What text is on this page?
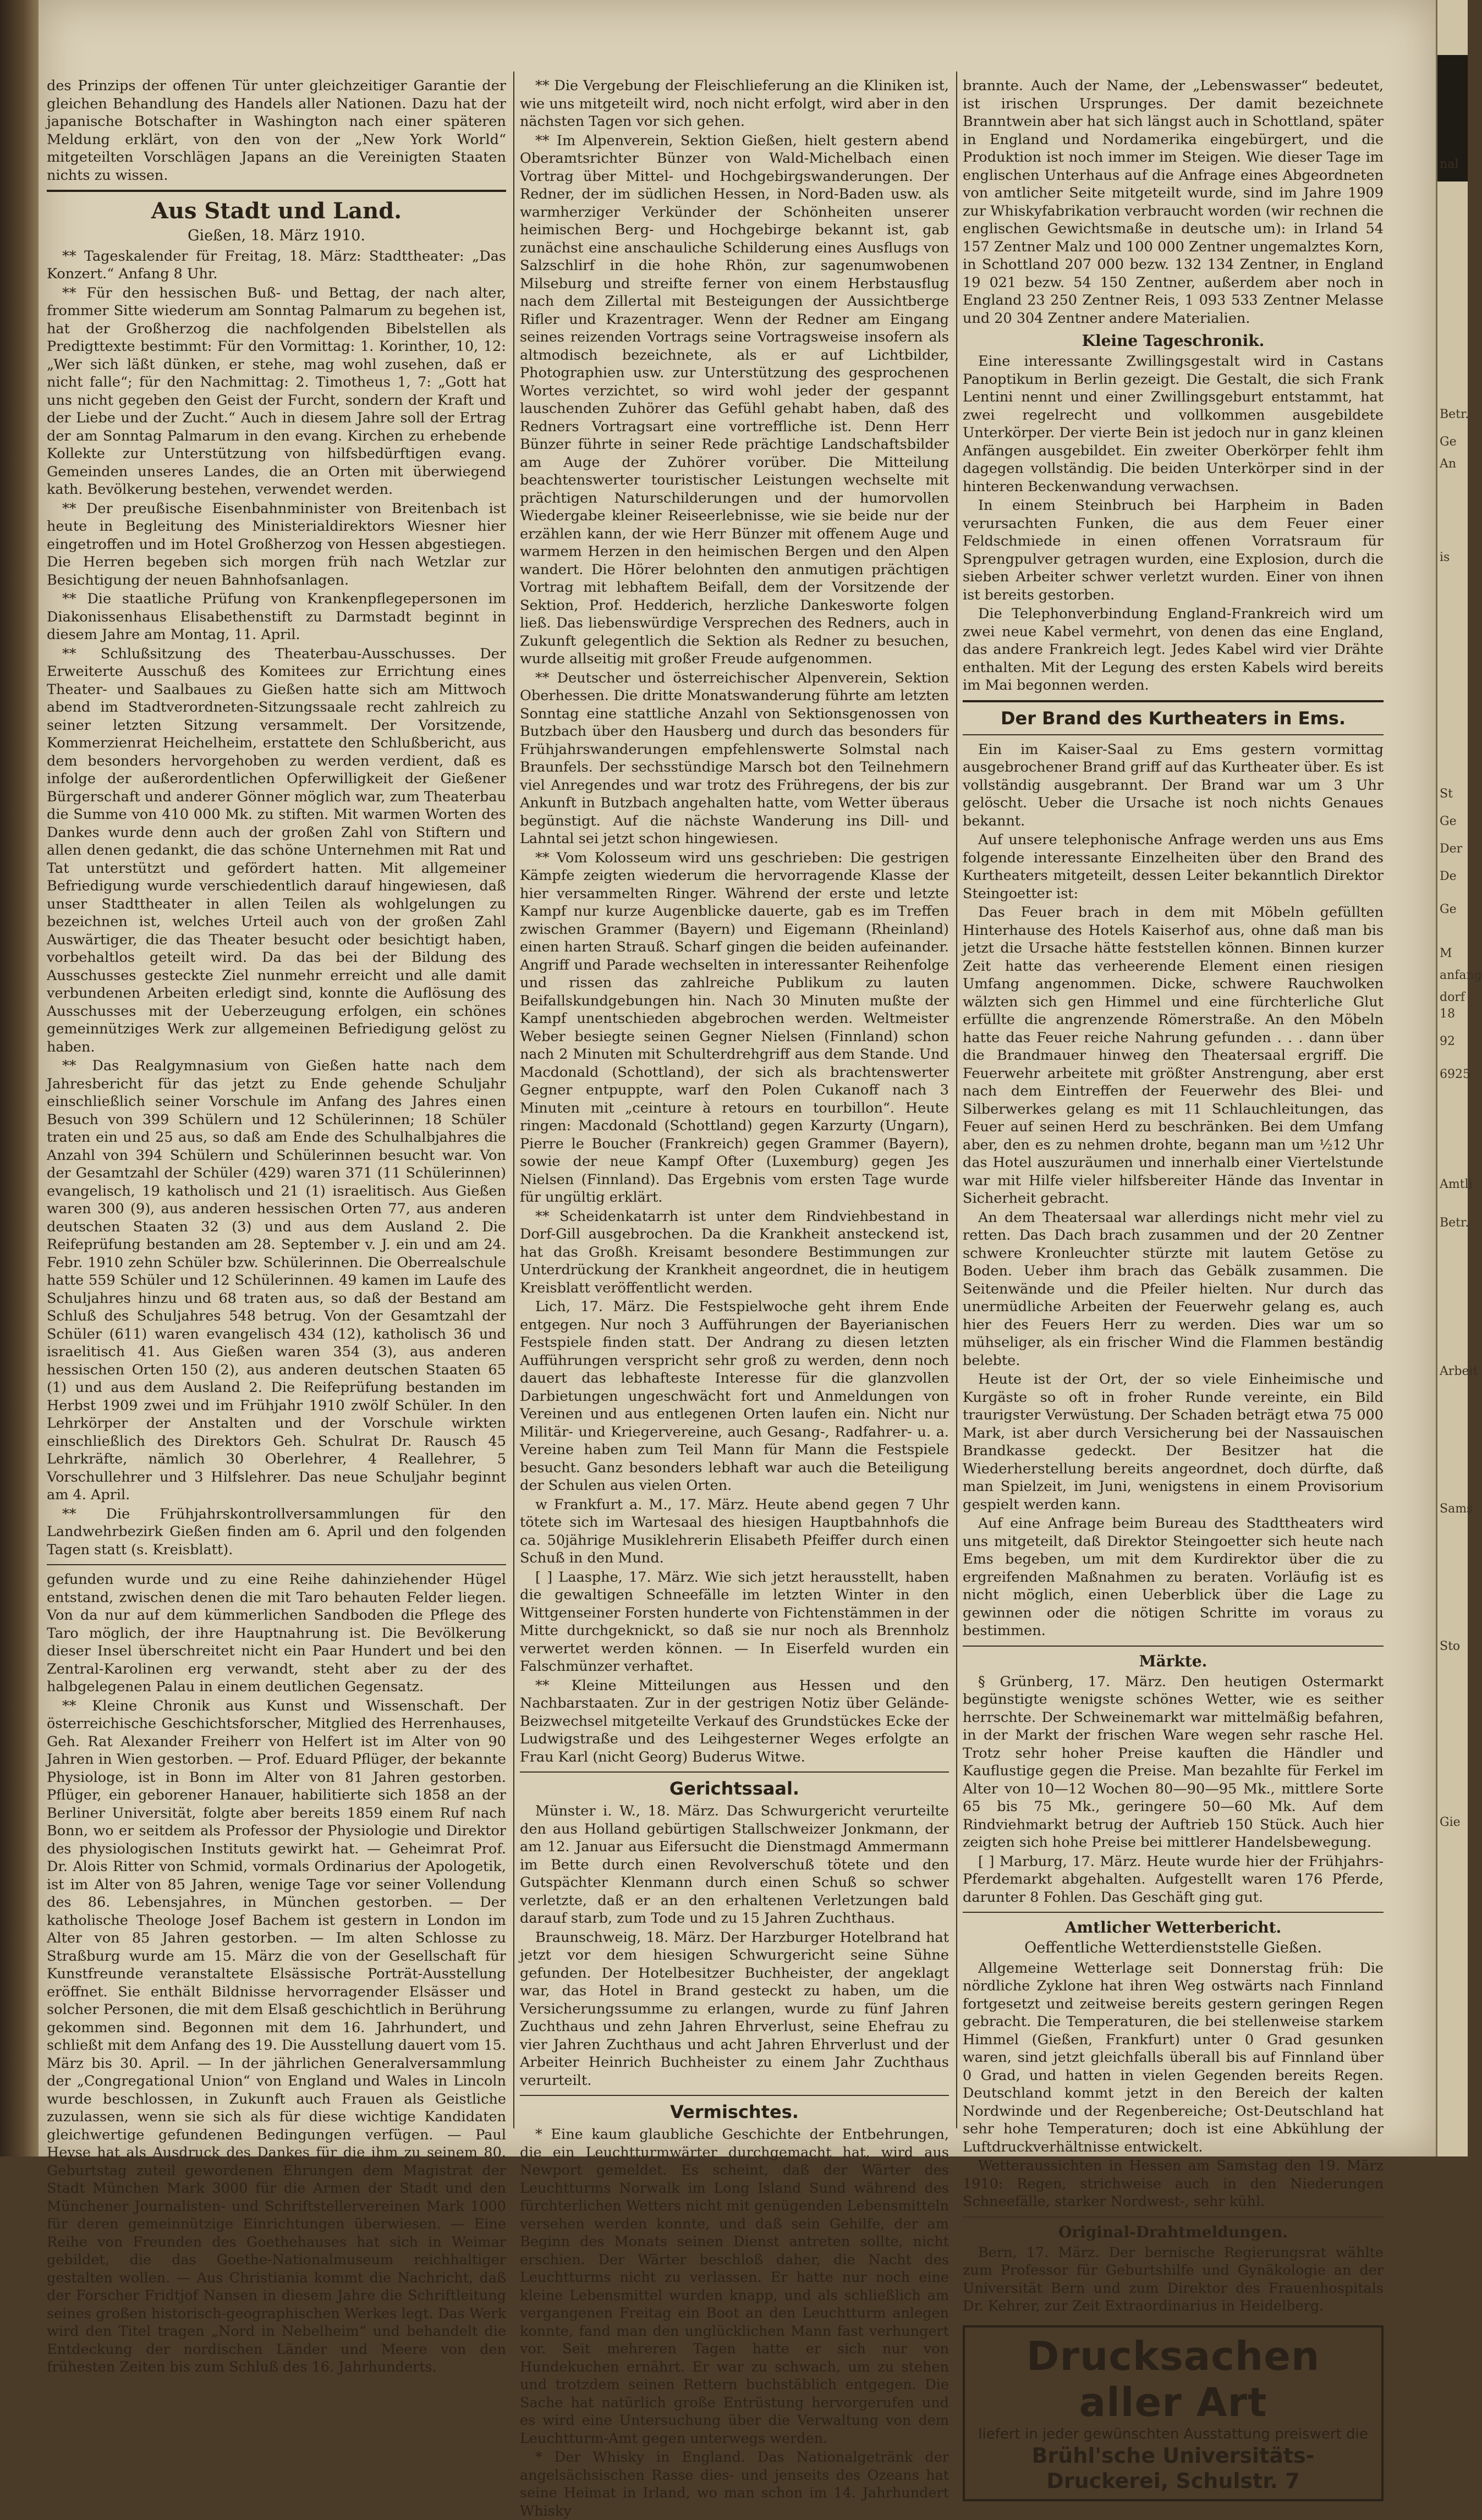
des Prinzips der offenen Tür unter gleichzeitiger Garantie der gleichen Behandlung des Handels aller Nationen. Dazu hat der japanische Botschafter in Washington nach einer späteren Meldung erklärt, von den von der „New York World“ mitgeteilten Vorschlägen Japans an die Vereinigten Staaten nichts zu wissen.

Aus Stadt und Land.
Gießen, 18. März 1910.

** Tageskalender für Freitag, 18. März: Stadttheater: „Das Konzert.“ Anfang 8 Uhr.

** Für den hessischen Buß- und Bettag, der nach alter, frommer Sitte wiederum am Sonntag Palmarum zu begehen ist, hat der Großherzog die nachfolgenden Bibelstellen als Predigttexte bestimmt: Für den Vormittag: 1. Korinther, 10, 12: „Wer sich läßt dünken, er stehe, mag wohl zusehen, daß er nicht falle“; für den Nachmittag: 2. Timotheus 1, 7: „Gott hat uns nicht gegeben den Geist der Furcht, sondern der Kraft und der Liebe und der Zucht.“ Auch in diesem Jahre soll der Ertrag der am Sonntag Palmarum in den evang. Kirchen zu erhebende Kollekte zur Unterstützung von hilfsbedürftigen evang. Gemeinden unseres Landes, die an Orten mit überwiegend kath. Bevölkerung bestehen, verwendet werden.

** Der preußische Eisenbahnminister von Breitenbach ist heute in Begleitung des Ministerialdirektors Wiesner hier eingetroffen und im Hotel Großherzog von Hessen abgestiegen. Die Herren begeben sich morgen früh nach Wetzlar zur Besichtigung der neuen Bahnhofsanlagen.

** Die staatliche Prüfung von Krankenpflegepersonen im Diakonissenhaus Elisabethenstift zu Darmstadt beginnt in diesem Jahre am Montag, 11. April.

** Schlußsitzung des Theaterbau-Ausschusses. Der Erweiterte Ausschuß des Komitees zur Errichtung eines Theater- und Saalbaues zu Gießen hatte sich am Mittwoch abend im Stadtverordneten-Sitzungssaale recht zahlreich zu seiner letzten Sitzung versammelt. Der Vorsitzende, Kommerzienrat Heichelheim, erstattete den Schlußbericht, aus dem besonders hervorgehoben zu werden verdient, daß es infolge der außerordentlichen Opferwilligkeit der Gießener Bürgerschaft und anderer Gönner möglich war, zum Theaterbau die Summe von 410 000 Mk. zu stiften. Mit warmen Worten des Dankes wurde denn auch der großen Zahl von Stiftern und allen denen gedankt, die das schöne Unternehmen mit Rat und Tat unterstützt und gefördert hatten. Mit allgemeiner Befriedigung wurde verschiedentlich darauf hingewiesen, daß unser Stadttheater in allen Teilen als wohlgelungen zu bezeichnen ist, welches Urteil auch von der großen Zahl Auswärtiger, die das Theater besucht oder besichtigt haben, vorbehaltlos geteilt wird. Da das bei der Bildung des Ausschusses gesteckte Ziel nunmehr erreicht und alle damit verbundenen Arbeiten erledigt sind, konnte die Auflösung des Ausschusses mit der Ueberzeugung erfolgen, ein schönes gemeinnütziges Werk zur allgemeinen Befriedigung gelöst zu haben.

** Das Realgymnasium von Gießen hatte nach dem Jahresbericht für das jetzt zu Ende gehende Schuljahr einschließlich seiner Vorschule im Anfang des Jahres einen Besuch von 399 Schülern und 12 Schülerinnen; 18 Schüler traten ein und 25 aus, so daß am Ende des Schulhalbjahres die Anzahl von 394 Schülern und Schülerinnen besucht war. Von der Gesamtzahl der Schüler (429) waren 371 (11 Schülerinnen) evangelisch, 19 katholisch und 21 (1) israelitisch. Aus Gießen waren 300 (9), aus anderen hessischen Orten 77, aus anderen deutschen Staaten 32 (3) und aus dem Ausland 2. Die Reifeprüfung bestanden am 28. September v. J. ein und am 24. Febr. 1910 zehn Schüler bzw. Schülerinnen. Die Oberrealschule hatte 559 Schüler und 12 Schülerinnen. 49 kamen im Laufe des Schuljahres hinzu und 68 traten aus, so daß der Bestand am Schluß des Schuljahres 548 betrug. Von der Gesamtzahl der Schüler (611) waren evangelisch 434 (12), katholisch 36 und israelitisch 41. Aus Gießen waren 354 (3), aus anderen hessischen Orten 150 (2), aus anderen deutschen Staaten 65 (1) und aus dem Ausland 2. Die Reifeprüfung bestanden im Herbst 1909 zwei und im Frühjahr 1910 zwölf Schüler. In den Lehrkörper der Anstalten und der Vorschule wirkten einschließlich des Direktors Geh. Schulrat Dr. Rausch 45 Lehrkräfte, nämlich 30 Oberlehrer, 4 Reallehrer, 5 Vorschullehrer und 3 Hilfslehrer. Das neue Schuljahr beginnt am 4. April.

** Die Frühjahrskontrollversammlungen für den Landwehrbezirk Gießen finden am 6. April und den folgenden Tagen statt (s. Kreisblatt).

gefunden wurde und zu eine Reihe dahinziehender Hügel entstand, zwischen denen die mit Taro behauten Felder liegen. Von da nur auf dem kümmerlichen Sandboden die Pflege des Taro möglich, der ihre Hauptnahrung ist. Die Bevölkerung dieser Insel überschreitet nicht ein Paar Hundert und bei den Zentral-Karolinen erg verwandt, steht aber zu der des halbgelegenen Palau in einem deutlichen Gegensatz.

** Kleine Chronik aus Kunst und Wissenschaft. Der österreichische Geschichtsforscher, Mitglied des Herrenhauses, Geh. Rat Alexander Freiherr von Helfert ist im Alter von 90 Jahren in Wien gestorben. — Prof. Eduard Pflüger, der bekannte Physiologe, ist in Bonn im Alter von 81 Jahren gestorben. Pflüger, ein geborener Hanauer, habilitierte sich 1858 an der Berliner Universität, folgte aber bereits 1859 einem Ruf nach Bonn, wo er seitdem als Professor der Physiologie und Direktor des physiologischen Instituts gewirkt hat. — Geheimrat Prof. Dr. Alois Ritter von Schmid, vormals Ordinarius der Apologetik, ist im Alter von 85 Jahren, wenige Tage vor seiner Vollendung des 86. Lebensjahres, in München gestorben. — Der katholische Theologe Josef Bachem ist gestern in London im Alter von 85 Jahren gestorben. — Im alten Schlosse zu Straßburg wurde am 15. März die von der Gesellschaft für Kunstfreunde veranstaltete Elsässische Porträt-Ausstellung eröffnet. Sie enthält Bildnisse hervorragender Elsässer und solcher Personen, die mit dem Elsaß geschichtlich in Berührung gekommen sind. Begonnen mit dem 16. Jahrhundert, und schließt mit dem Anfang des 19. Die Ausstellung dauert vom 15. März bis 30. April. — In der jährlichen Generalversammlung der „Congregational Union“ von England und Wales in Lincoln wurde beschlossen, in Zukunft auch Frauen als Geistliche zuzulassen, wenn sie sich als für diese wichtige Kandidaten gleichwertige gefundenen Bedingungen verfügen. — Paul Heyse hat als Ausdruck des Dankes für die ihm zu seinem 80. Geburtstag zuteil gewordenen Ehrungen dem Magistrat der Stadt München Mark 3000 für die Armen der Stadt und den Münchener Journalisten- und Schriftstellervereinen Mark 1000 für deren gemeinnützige Einrichtungen überwiesen. — Eine Reihe von Freunden des Goethehauses hat sich in Weimar gebildet, die das Goethe-Nationalmuseum reichhaltiger gestalten wollen. — Aus Christiania kommt die Nachricht, daß der Forscher Fridtjof Nansen in diesem Jahre die Schriftleitung seines großen historisch-geographischen Werkes legt. Das Werk wird den Titel tragen „Nord in Nebelheim“ und behandelt die Entdeckung der nordischen Länder und Meere von den frühesten Zeiten bis zum Schluß des 16. Jahrhunderts.

** Die Vergebung der Fleischlieferung an die Kliniken ist, wie uns mitgeteilt wird, noch nicht erfolgt, wird aber in den nächsten Tagen vor sich gehen.

** Im Alpenverein, Sektion Gießen, hielt gestern abend Oberamtsrichter Bünzer von Wald-Michelbach einen Vortrag über Mittel- und Hochgebirgswanderungen. Der Redner, der im südlichen Hessen, in Nord-Baden usw. als warmherziger Verkünder der Schönheiten unserer heimischen Berg- und Hochgebirge bekannt ist, gab zunächst eine anschauliche Schilderung eines Ausflugs von Salzschlirf in die hohe Rhön, zur sagenumwobenen Milseburg und streifte ferner von einem Herbstausflug nach dem Zillertal mit Besteigungen der Aussichtberge Rifler und Krazentrager. Wenn der Redner am Eingang seines reizenden Vortrags seine Vortragsweise insofern als altmodisch bezeichnete, als er auf Lichtbilder, Photographien usw. zur Unterstützung des gesprochenen Wortes verzichtet, so wird wohl jeder der gespannt lauschenden Zuhörer das Gefühl gehabt haben, daß des Redners Vortragsart eine vortreffliche ist. Denn Herr Bünzer führte in seiner Rede prächtige Landschaftsbilder am Auge der Zuhörer vorüber. Die Mitteilung beachtenswerter touristischer Leistungen wechselte mit prächtigen Naturschilderungen und der humorvollen Wiedergabe kleiner Reiseerlebnisse, wie sie beide nur der erzählen kann, der wie Herr Bünzer mit offenem Auge und warmem Herzen in den heimischen Bergen und den Alpen wandert. Die Hörer belohnten den anmutigen prächtigen Vortrag mit lebhaftem Beifall, dem der Vorsitzende der Sektion, Prof. Hedderich, herzliche Dankesworte folgen ließ. Das liebenswürdige Versprechen des Redners, auch in Zukunft gelegentlich die Sektion als Redner zu besuchen, wurde allseitig mit großer Freude aufgenommen.

** Deutscher und österreichischer Alpenverein, Sektion Oberhessen. Die dritte Monatswanderung führte am letzten Sonntag eine stattliche Anzahl von Sektionsgenossen von Butzbach über den Hausberg und durch das besonders für Frühjahrswanderungen empfehlenswerte Solmstal nach Braunfels. Der sechsstündige Marsch bot den Teilnehmern viel Anregendes und war trotz des Frühregens, der bis zur Ankunft in Butzbach angehalten hatte, vom Wetter überaus begünstigt. Auf die nächste Wanderung ins Dill- und Lahntal sei jetzt schon hingewiesen.

** Vom Kolosseum wird uns geschrieben: Die gestrigen Kämpfe zeigten wiederum die hervorragende Klasse der hier versammelten Ringer. Während der erste und letzte Kampf nur kurze Augenblicke dauerte, gab es im Treffen zwischen Grammer (Bayern) und Eigemann (Rheinland) einen harten Strauß. Scharf gingen die beiden aufeinander. Angriff und Parade wechselten in interessanter Reihenfolge und rissen das zahlreiche Publikum zu lauten Beifallskundgebungen hin. Nach 30 Minuten mußte der Kampf unentschieden abgebrochen werden. Weltmeister Weber besiegte seinen Gegner Nielsen (Finnland) schon nach 2 Minuten mit Schulterdrehgriff aus dem Stande. Und Macdonald (Schottland), der sich als brachtenswerter Gegner entpuppte, warf den Polen Cukanoff nach 3 Minuten mit „ceinture à retours en tourbillon“. Heute ringen: Macdonald (Schottland) gegen Karzurty (Ungarn), Pierre le Boucher (Frankreich) gegen Grammer (Bayern), sowie der neue Kampf Ofter (Luxemburg) gegen Jes Nielsen (Finnland). Das Ergebnis vom ersten Tage wurde für ungültig erklärt.

** Scheidenkatarrh ist unter dem Rindviehbestand in Dorf-Gill ausgebrochen. Da die Krankheit ansteckend ist, hat das Großh. Kreisamt besondere Bestimmungen zur Unterdrückung der Krankheit angeordnet, die in heutigem Kreisblatt veröffentlicht werden.

Lich, 17. März. Die Festspielwoche geht ihrem Ende entgegen. Nur noch 3 Aufführungen der Bayerianischen Festspiele finden statt. Der Andrang zu diesen letzten Aufführungen verspricht sehr groß zu werden, denn noch dauert das lebhafteste Interesse für die glanzvollen Darbietungen ungeschwächt fort und Anmeldungen von Vereinen und aus entlegenen Orten laufen ein. Nicht nur Militär- und Kriegervereine, auch Gesang-, Radfahrer- u. a. Vereine haben zum Teil Mann für Mann die Festspiele besucht. Ganz besonders lebhaft war auch die Beteiligung der Schulen aus vielen Orten.

w Frankfurt a. M., 17. März. Heute abend gegen 7 Uhr tötete sich im Wartesaal des hiesigen Hauptbahnhofs die ca. 50jährige Musiklehrerin Elisabeth Pfeiffer durch einen Schuß in den Mund.

[ ] Laasphe, 17. März. Wie sich jetzt herausstellt, haben die gewaltigen Schneefälle im letzten Winter in den Wittgenseiner Forsten hunderte von Fichtenstämmen in der Mitte durchgeknickt, so daß sie nur noch als Brennholz verwertet werden können. — In Eiserfeld wurden ein Falschmünzer verhaftet.

** Kleine Mitteilungen aus Hessen und den Nachbarstaaten. Zur in der gestrigen Notiz über Gelände-Beizwechsel mitgeteilte Verkauf des Grundstückes Ecke der Ludwigstraße und des Leihgesterner Weges erfolgte an Frau Karl (nicht Georg) Buderus Witwe.

Gerichtssaal.

Münster i. W., 18. März. Das Schwurgericht verurteilte den aus Holland gebürtigen Stallschweizer Jonkmann, der am 12. Januar aus Eifersucht die Dienstmagd Ammermann im Bette durch einen Revolverschuß tötete und den Gutspächter Klenmann durch einen Schuß so schwer verletzte, daß er an den erhaltenen Verletzungen bald darauf starb, zum Tode und zu 15 Jahren Zuchthaus.

Braunschweig, 18. März. Der Harzburger Hotelbrand hat jetzt vor dem hiesigen Schwurgericht seine Sühne gefunden. Der Hotelbesitzer Buchheister, der angeklagt war, das Hotel in Brand gesteckt zu haben, um die Versicherungssumme zu erlangen, wurde zu fünf Jahren Zuchthaus und zehn Jahren Ehrverlust, seine Ehefrau zu vier Jahren Zuchthaus und acht Jahren Ehrverlust und der Arbeiter Heinrich Buchheister zu einem Jahr Zuchthaus verurteilt.

Vermischtes.

* Eine kaum glaubliche Geschichte der Entbehrungen, die ein Leuchtturmwärter durchgemacht hat, wird aus Newport gemeldet. Es scheint, daß der Wärter des Leuchtturms Norwalk im Long Island Sund während des fürchterlichen Wetters nicht mit genügenden Lebensmitteln versehen werden konnte, und daß sein Gehilfe, der am Beginn des Monats seinen Dienst antreten sollte, nicht erschien. Der Wärter beschloß daher, die Nacht des Leuchtturms nicht zu verlassen. Er hatte nur noch eine kleine Lebensmittel wurden knapp, und als schließlich am vergangenen Freitag ein Boot an den Leuchtturm anlegen konnte, fand man den unglücklichen Mann fast verhungert vor. Seit mehreren Tagen hatte er sich nur von Hundekuchen ernährt. Er war zu schwach, um zu stehen und trotzdem seinen Rettern buchstäblich entgegen. Die Sache hat natürlich große Entrüstung hervorgerufen und es wird eine Untersuchung über die Verwaltung von dem Leuchtturm-Amt gegen unterwegs werden.

* Der Whisky in England. Das Nationalgetränk der angelsächsischen Rasse dies- und jenseits des Ozeans hat seine Heimat in Irland, wo man schon im 14. Jahrhundert Whisky

brannte. Auch der Name, der „Lebenswasser“ bedeutet, ist irischen Ursprunges. Der damit bezeichnete Branntwein aber hat sich längst auch in Schottland, später in England und Nordamerika eingebürgert, und die Produktion ist noch immer im Steigen. Wie dieser Tage im englischen Unterhaus auf die Anfrage eines Abgeordneten von amtlicher Seite mitgeteilt wurde, sind im Jahre 1909 zur Whiskyfabrikation verbraucht worden (wir rechnen die englischen Gewichtsmaße in deutsche um): in Irland 54 157 Zentner Malz und 100 000 Zentner ungemalztes Korn, in Schottland 207 000 bezw. 132 134 Zentner, in England 19 021 bezw. 54 150 Zentner, außerdem aber noch in England 23 250 Zentner Reis, 1 093 533 Zentner Melasse und 20 304 Zentner andere Materialien.

Kleine Tageschronik.

Eine interessante Zwillingsgestalt wird in Castans Panoptikum in Berlin gezeigt. Die Gestalt, die sich Frank Lentini nennt und einer Zwillingsgeburt entstammt, hat zwei regelrecht und vollkommen ausgebildete Unterkörper. Der vierte Bein ist jedoch nur in ganz kleinen Anfängen ausgebildet. Ein zweiter Oberkörper fehlt ihm dagegen vollständig. Die beiden Unterkörper sind in der hinteren Beckenwandung verwachsen.

In einem Steinbruch bei Harpheim in Baden verursachten Funken, die aus dem Feuer einer Feldschmiede in einen offenen Vorratsraum für Sprengpulver getragen wurden, eine Explosion, durch die sieben Arbeiter schwer verletzt wurden. Einer von ihnen ist bereits gestorben.

Die Telephonverbindung England-Frankreich wird um zwei neue Kabel vermehrt, von denen das eine England, das andere Frankreich legt. Jedes Kabel wird vier Drähte enthalten. Mit der Legung des ersten Kabels wird bereits im Mai begonnen werden.

Der Brand des Kurtheaters in Ems.

Ein im Kaiser-Saal zu Ems gestern vormittag ausgebrochener Brand griff auf das Kurtheater über. Es ist vollständig ausgebrannt. Der Brand war um 3 Uhr gelöscht. Ueber die Ursache ist noch nichts Genaues bekannt.

Auf unsere telephonische Anfrage werden uns aus Ems folgende interessante Einzelheiten über den Brand des Kurtheaters mitgeteilt, dessen Leiter bekanntlich Direktor Steingoetter ist:

Das Feuer brach in dem mit Möbeln gefüllten Hinterhause des Hotels Kaiserhof aus, ohne daß man bis jetzt die Ursache hätte feststellen können. Binnen kurzer Zeit hatte das verheerende Element einen riesigen Umfang angenommen. Dicke, schwere Rauchwolken wälzten sich gen Himmel und eine fürchterliche Glut erfüllte die angrenzende Römerstraße. An den Möbeln hatte das Feuer reiche Nahrung gefunden . . . dann über die Brandmauer hinweg den Theatersaal ergriff. Die Feuerwehr arbeitete mit größter Anstrengung, aber erst nach dem Eintreffen der Feuerwehr des Blei- und Silberwerkes gelang es mit 11 Schlauchleitungen, das Feuer auf seinen Herd zu beschränken. Bei dem Umfang aber, den es zu nehmen drohte, begann man um ½12 Uhr das Hotel auszuräumen und innerhalb einer Viertelstunde war mit Hilfe vieler hilfsbereiter Hände das Inventar in Sicherheit gebracht.

An dem Theatersaal war allerdings nicht mehr viel zu retten. Das Dach brach zusammen und der 20 Zentner schwere Kronleuchter stürzte mit lautem Getöse zu Boden. Ueber ihm brach das Gebälk zusammen. Die Seitenwände und die Pfeiler hielten. Nur durch das unermüdliche Arbeiten der Feuerwehr gelang es, auch hier des Feuers Herr zu werden. Dies war um so mühseliger, als ein frischer Wind die Flammen beständig belebte.

Heute ist der Ort, der so viele Einheimische und Kurgäste so oft in froher Runde vereinte, ein Bild traurigster Verwüstung. Der Schaden beträgt etwa 75 000 Mark, ist aber durch Versicherung bei der Nassauischen Brandkasse gedeckt. Der Besitzer hat die Wiederherstellung bereits angeordnet, doch dürfte, daß man Spielzeit, im Juni, wenigstens in einem Provisorium gespielt werden kann.

Auf eine Anfrage beim Bureau des Stadttheaters wird uns mitgeteilt, daß Direktor Steingoetter sich heute nach Ems begeben, um mit dem Kurdirektor über die zu ergreifenden Maßnahmen zu beraten. Vorläufig ist es nicht möglich, einen Ueberblick über die Lage zu gewinnen oder die nötigen Schritte im voraus zu bestimmen.

Märkte.

§ Grünberg, 17. März. Den heutigen Ostermarkt begünstigte wenigste schönes Wetter, wie es seither herrschte. Der Schweinemarkt war mittelmäßig befahren, in der Markt der frischen Ware wegen sehr rasche Hel. Trotz sehr hoher Preise kauften die Händler und Kauflustige gegen die Preise. Man bezahlte für Ferkel im Alter von 10—12 Wochen 80—90—95 Mk., mittlere Sorte 65 bis 75 Mk., geringere 50—60 Mk. Auf dem Rindviehmarkt betrug der Auftrieb 150 Stück. Auch hier zeigten sich hohe Preise bei mittlerer Handelsbewegung.

[ ] Marburg, 17. März. Heute wurde hier der Frühjahrs-Pferdemarkt abgehalten. Aufgestellt waren 176 Pferde, darunter 8 Fohlen. Das Geschäft ging gut.

Amtlicher Wetterbericht.
Oeffentliche Wetterdienststelle Gießen.

Allgemeine Wetterlage seit Donnerstag früh: Die nördliche Zyklone hat ihren Weg ostwärts nach Finnland fortgesetzt und zeitweise bereits gestern geringen Regen gebracht. Die Temperaturen, die bei stellenweise starkem Himmel (Gießen, Frankfurt) unter 0 Grad gesunken waren, sind jetzt gleichfalls überall bis auf Finnland über 0 Grad, und hatten in vielen Gegenden bereits Regen. Deutschland kommt jetzt in den Bereich der kalten Nordwinde und der Regenbereiche; Ost-Deutschland hat sehr hohe Temperaturen; doch ist eine Abkühlung der Luftdruckverhältnisse entwickelt.

Wetteraussichten in Hessen am Samstag den 19. März 1910: Regen, strichweise auch in den Niederungen Schneefälle, starker Nordwest-, sehr kühl.

Original-Drahtmeldungen.

Bern, 17. März. Der bernische Regierungsrat wählte zum Professor für Geburtshilfe und Gynäkologie an der Universität Bern und zum Direktor des Frauenhospitals Dr. Kehrer, zur Zeit Extraordinarius in Heidelberg.

Drucksachen aller Art
liefert in jeder gewünschten Ausstattung preiswert die
Brühl'sche Universitäts-Druckerei, Schulstr. 7
nal
Betr.
Ge
An
is
St
Ge
Der
De
Ge
M
anfang
dorf
18
92
6925
Amtli
Betr.
Arbeit
Sams
Sto
Gie
